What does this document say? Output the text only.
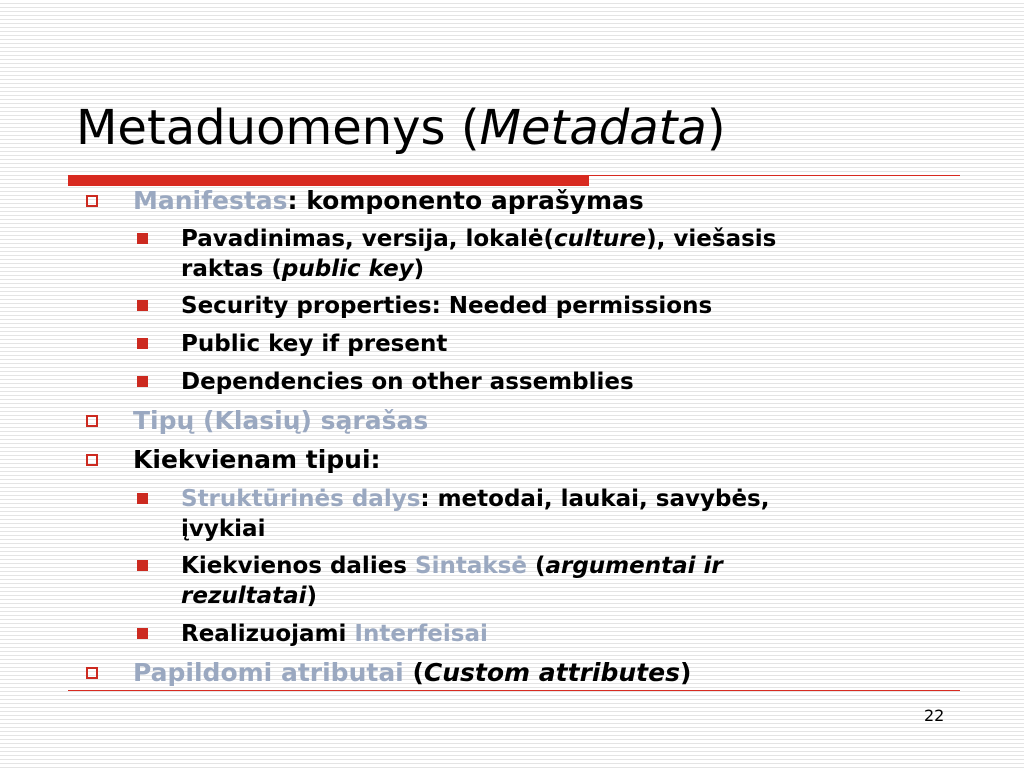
Metaduomenys (Metadata)
Manifestas: komponento aprašymas
Pavadinimas, versija, lokalė(culture), viešasis
raktas (public key)
Security properties: Needed permissions
Public key if present
Dependencies on other assemblies
Tipų (Klasių) sąrašas
Kiekvienam tipui:
Struktūrinės dalys: metodai, laukai, savybės,
įvykiai
Kiekvienos dalies Sintaksė (argumentai ir
rezultatai)
Realizuojami Interfeisai
Papildomi atributai (Custom attributes)
22
